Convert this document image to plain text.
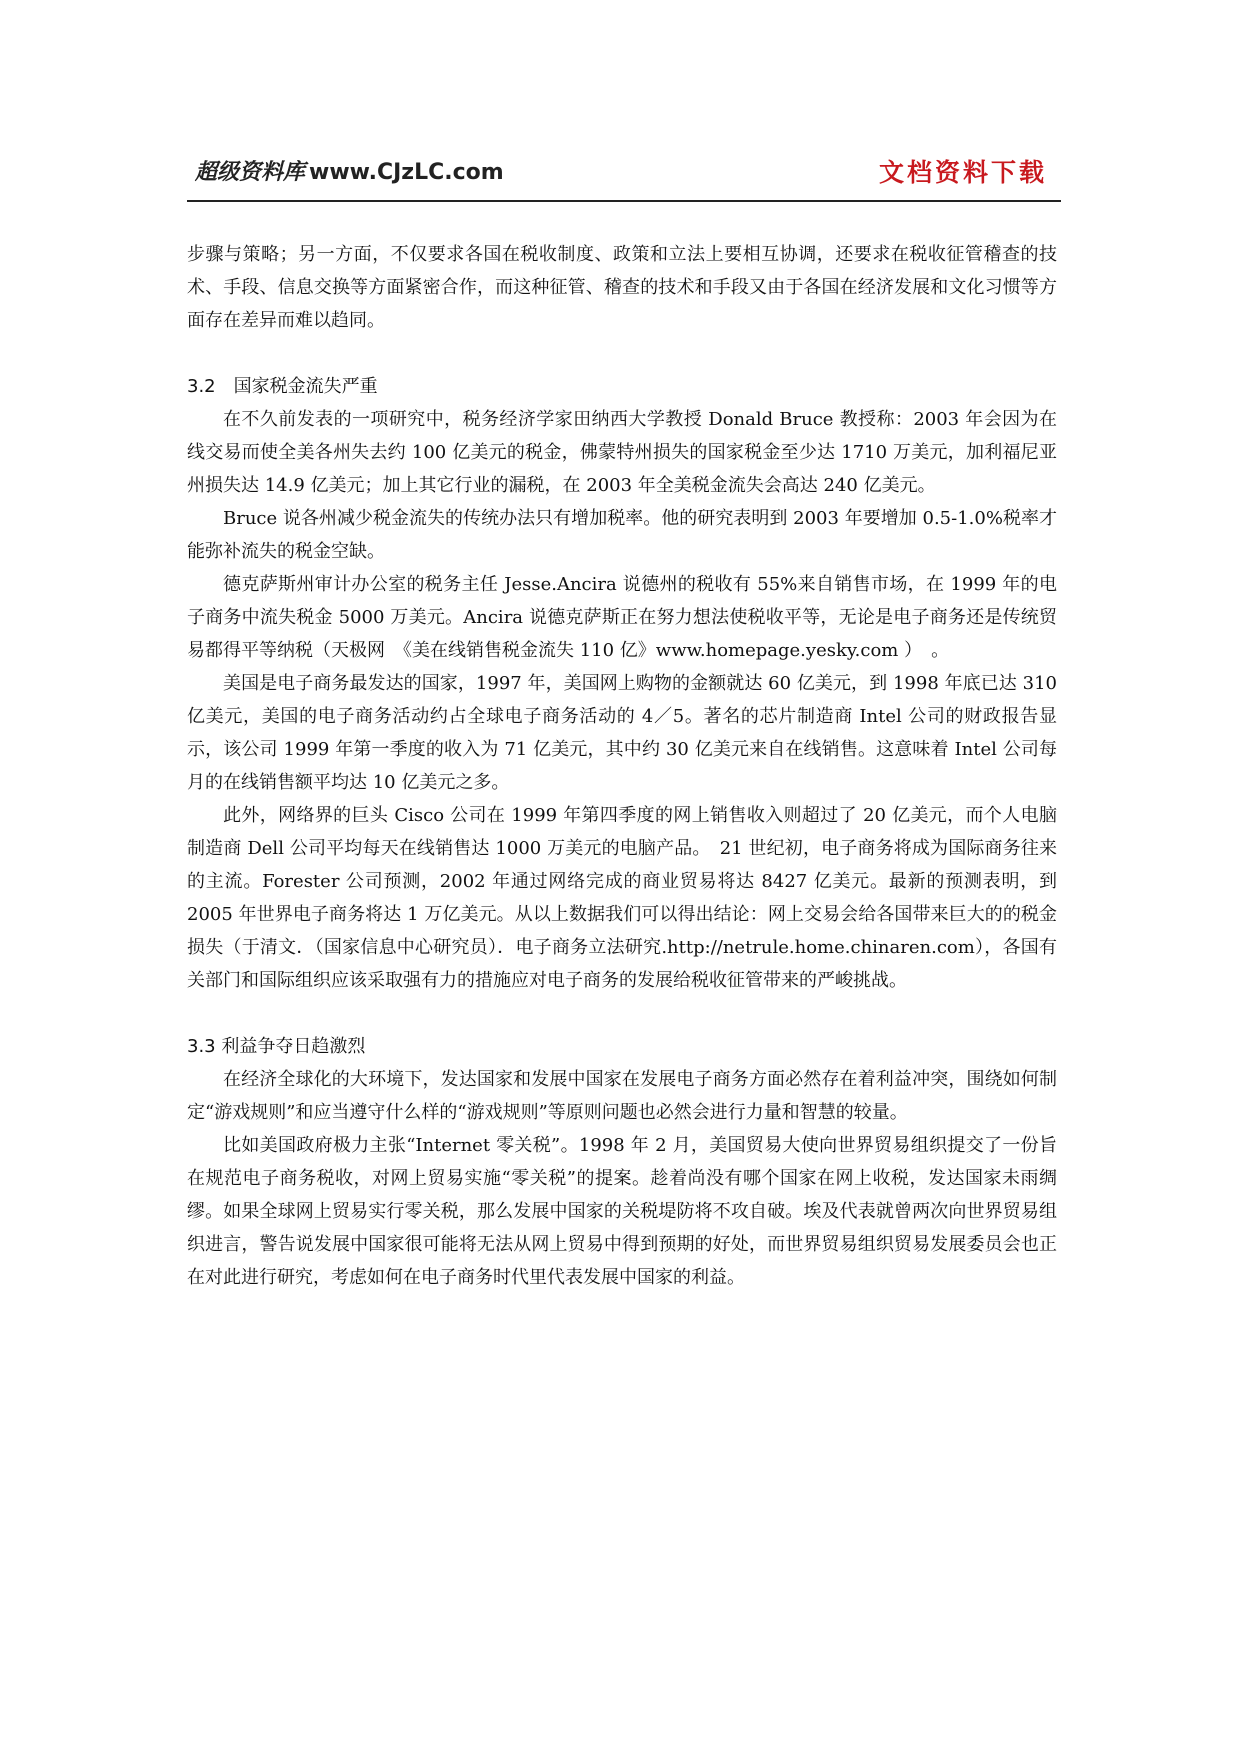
超级资料库 www.CJzLC.com	文档资料下载

步骤与策略；另一方面，不仅要求各国在税收制度、政策和立法上要相互协调，还要求在税收征管稽查的技术、手段、信息交换等方面紧密合作，而这种征管、稽查的技术和手段又由于各国在经济发展和文化习惯等方面存在差异而难以趋同。

3.2　国家税金流失严重

在不久前发表的一项研究中，税务经济学家田纳西大学教授 Donald Bruce 教授称：2003 年会因为在线交易而使全美各州失去约 100 亿美元的税金，佛蒙特州损失的国家税金至少达 1710 万美元，加利福尼亚州损失达 14.9 亿美元；加上其它行业的漏税，在 2003 年全美税金流失会高达 240 亿美元。

Bruce 说各州减少税金流失的传统办法只有增加税率。他的研究表明到 2003 年要增加 0.5-1.0%税率才能弥补流失的税金空缺。

德克萨斯州审计办公室的税务主任 Jesse.Ancira 说德州的税收有 55%来自销售市场，在 1999 年的电子商务中流失税金 5000 万美元。Ancira 说德克萨斯正在努力想法使税收平等，无论是电子商务还是传统贸易都得平等纳税（天极网　《美在线销售税金流失 110 亿》www.homepage.yesky.com ）　。

美国是电子商务最发达的国家，1997 年，美国网上购物的金额就达 60 亿美元，到 1998 年底已达 310 亿美元，美国的电子商务活动约占全球电子商务活动的 4／5。著名的芯片制造商 Intel 公司的财政报告显示，该公司 1999 年第一季度的收入为 71 亿美元，其中约 30 亿美元来自在线销售。这意味着 Intel 公司每月的在线销售额平均达 10 亿美元之多。

此外，网络界的巨头 Cisco 公司在 1999 年第四季度的网上销售收入则超过了 20 亿美元，而个人电脑制造商 Dell 公司平均每天在线销售达 1000 万美元的电脑产品。　21 世纪初，电子商务将成为国际商务往来的主流。Forester 公司预测，2002 年通过网络完成的商业贸易将达 8427 亿美元。最新的预测表明，到 2005 年世界电子商务将达 1 万亿美元。从以上数据我们可以得出结论：网上交易会给各国带来巨大的的税金损失（于清文．（国家信息中心研究员）．电子商务立法研究.http://netrule.home.chinaren.com），各国有关部门和国际组织应该采取强有力的措施应对电子商务的发展给税收征管带来的严峻挑战。

3.3 利益争夺日趋激烈

在经济全球化的大环境下，发达国家和发展中国家在发展电子商务方面必然存在着利益冲突，围绕如何制定“游戏规则”和应当遵守什么样的“游戏规则”等原则问题也必然会进行力量和智慧的较量。

比如美国政府极力主张“Internet 零关税”。1998 年 2 月，美国贸易大使向世界贸易组织提交了一份旨在规范电子商务税收，对网上贸易实施“零关税”的提案。趁着尚没有哪个国家在网上收税，发达国家未雨绸缪。如果全球网上贸易实行零关税，那么发展中国家的关税堤防将不攻自破。埃及代表就曾两次向世界贸易组织进言，警告说发展中国家很可能将无法从网上贸易中得到预期的好处，而世界贸易组织贸易发展委员会也正在对此进行研究，考虑如何在电子商务时代里代表发展中国家的利益。
